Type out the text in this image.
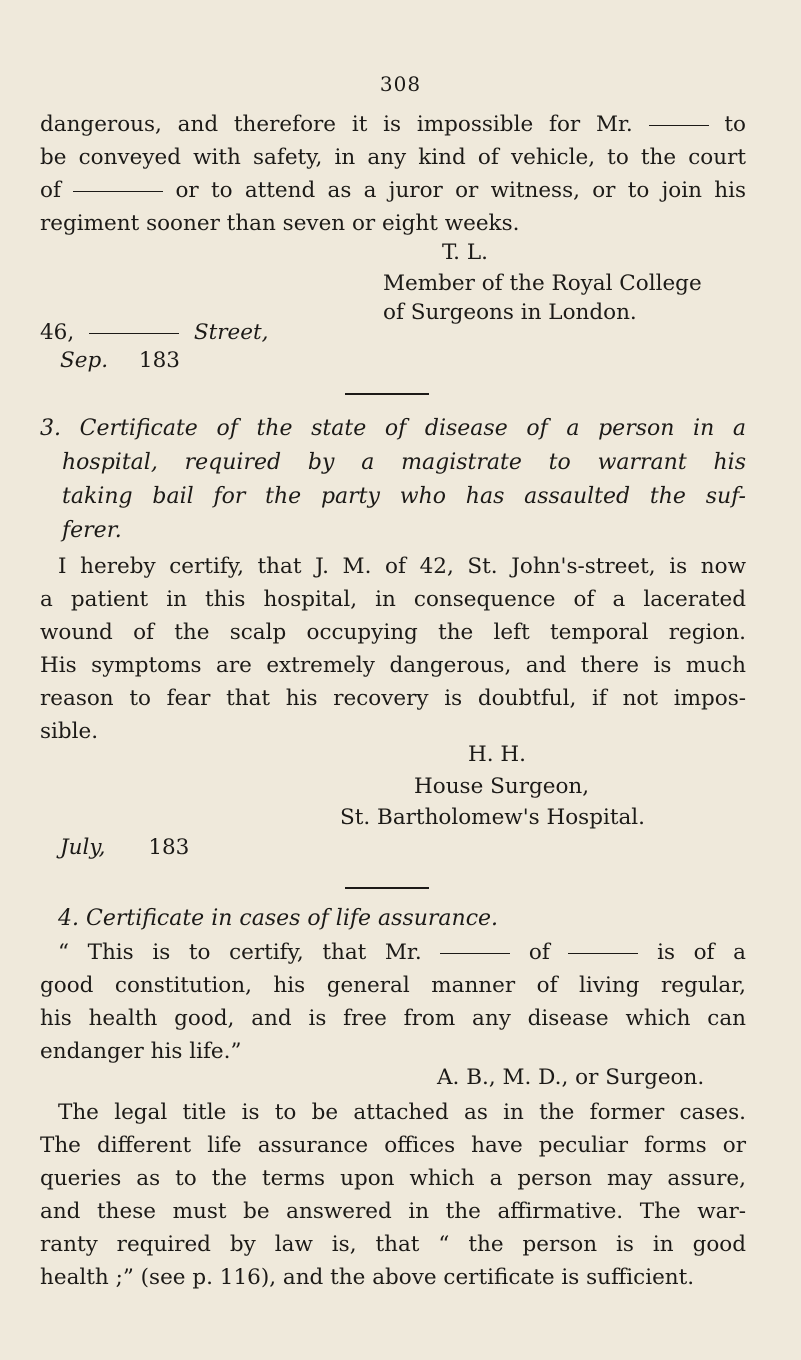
308
dangerous, and therefore it is impossible for Mr.	to
be conveyed with safety, in any kind of vehicle, to the court
of	or to attend as a juror or witness, or to join his
regiment sooner than seven or eight weeks.
T. L.
Member of the Royal College
of Surgeons in London.
46,	Street,
Sep. 183
3. Certificate of the state of disease of a person in a
hospital, required by a magistrate to warrant his
taking bail for the party who has assaulted the suf-
ferer.
I hereby certify, that J. M. of 42, St. John's-street, is now
a patient in this hospital, in consequence of a lacerated
wound of the scalp occupying the left temporal region.
His symptoms are extremely dangerous, and there is much
reason to fear that his recovery is doubtful, if not impos-
sible.
H. H.
House Surgeon,
St. Bartholomew's Hospital.
July, 183
4. Certificate in cases of life assurance.
“ This is to certify, that Mr.	of	is of a
good constitution, his general manner of living regular,
his health good, and is free from any disease which can
endanger his life.”
A. B., M. D., or Surgeon.
The legal title is to be attached as in the former cases.
The different life assurance offices have peculiar forms or
queries as to the terms upon which a person may assure,
and these must be answered in the affirmative. The war-
ranty required by law is, that “ the person is in good
health ;” (see p. 116), and the above certificate is sufficient.
